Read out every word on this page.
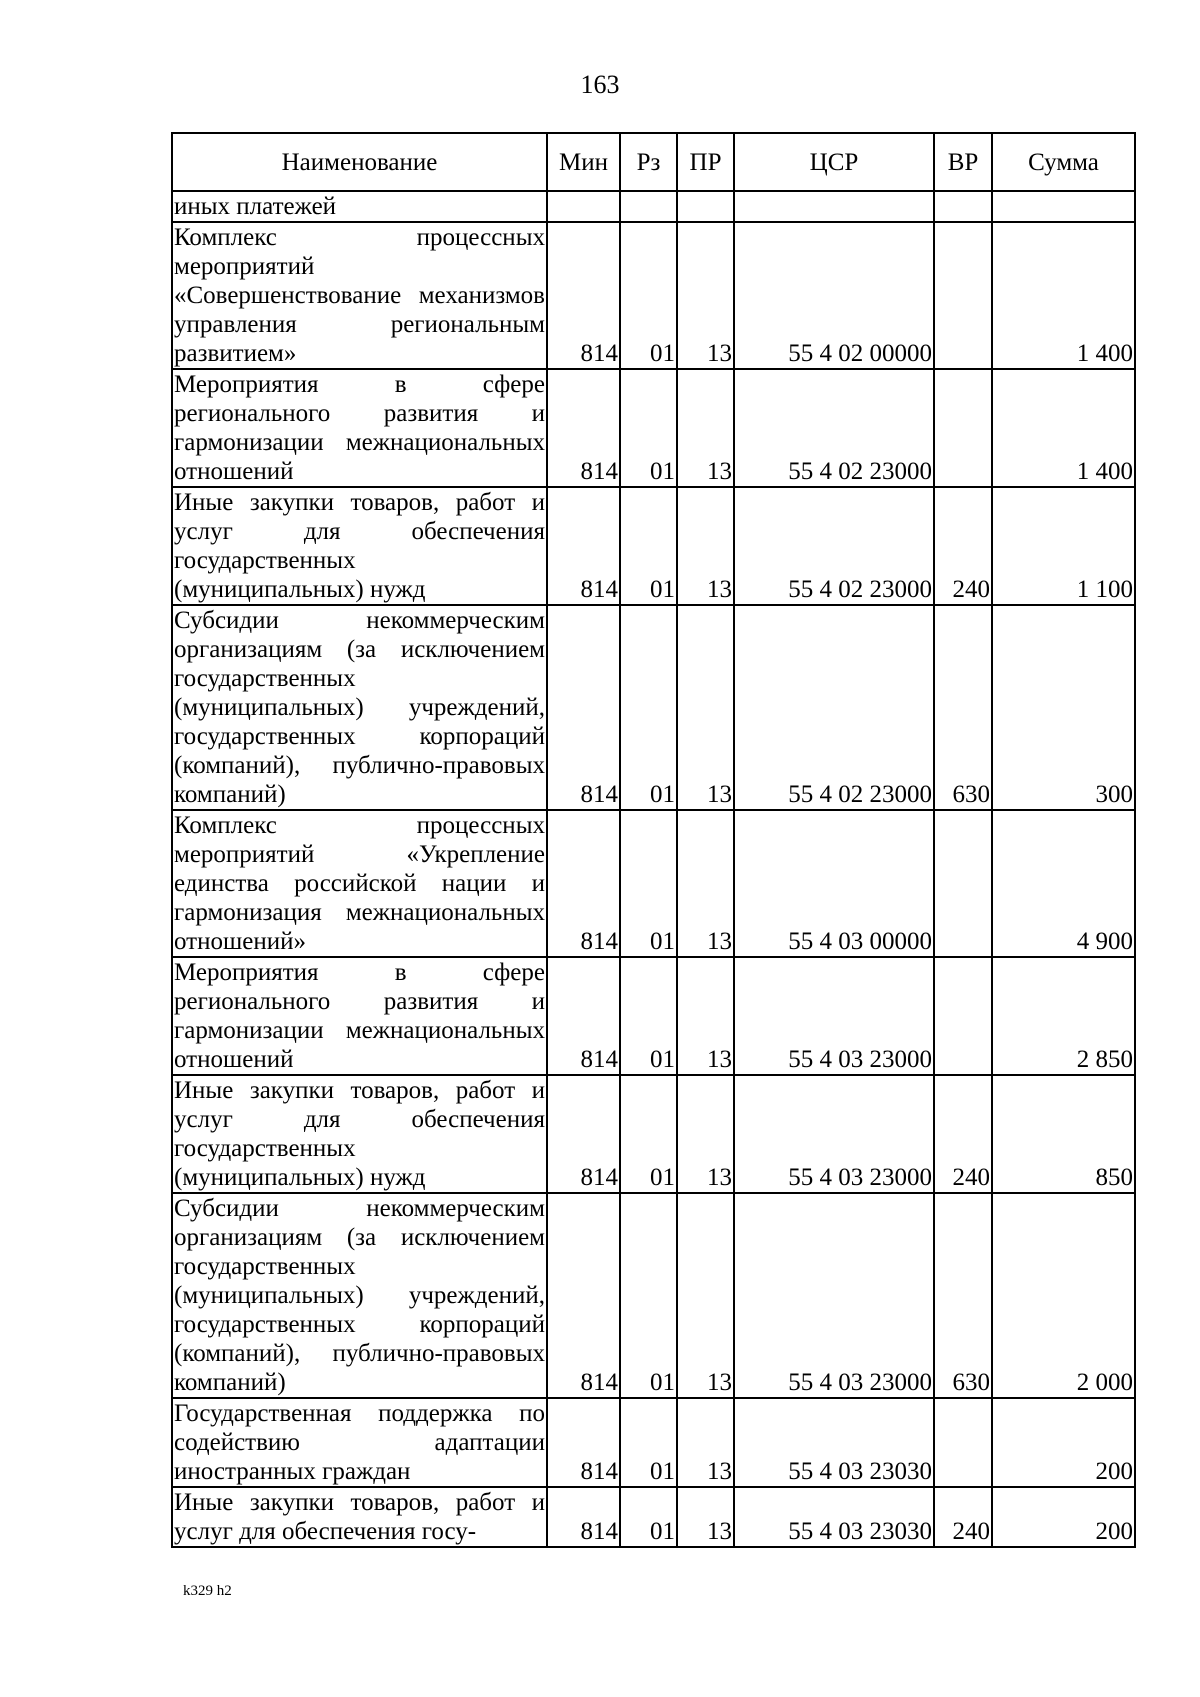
163
Наименование	Мин	Рз	ПР	ЦСР	ВР	Сумма
иных платежей						
Комплекс процессных мероприятий «Совершенствование механизмов управления региональным развитием»	814	01	13	55 4 02 00000		1 400
Мероприятия в сфере регионального развития и гармонизации межнациональных отношений	814	01	13	55 4 02 23000		1 400
Иные закупки товаров, работ и услуг для обеспечения государственных (муниципальных) нужд	814	01	13	55 4 02 23000	240	1 100
Субсидии некоммерческим организациям (за исключением государственных (муниципальных) учреждений, государственных корпораций (компаний), публично-правовых компаний)	814	01	13	55 4 02 23000	630	300
Комплекс процессных мероприятий «Укрепление единства российской нации и гармонизация межнациональных отношений»	814	01	13	55 4 03 00000		4 900
Мероприятия в сфере регионального развития и гармонизации межнациональных отношений	814	01	13	55 4 03 23000		2 850
Иные закупки товаров, работ и услуг для обеспечения государственных (муниципальных) нужд	814	01	13	55 4 03 23000	240	850
Субсидии некоммерческим организациям (за исключением государственных (муниципальных) учреждений, государственных корпораций (компаний), публично-правовых компаний)	814	01	13	55 4 03 23000	630	2 000
Государственная поддержка по содействию адаптации иностранных граждан	814	01	13	55 4 03 23030		200
Иные закупки товаров, работ и услуг для обеспечения госу-	814	01	13	55 4 03 23030	240	200
k329 h2
